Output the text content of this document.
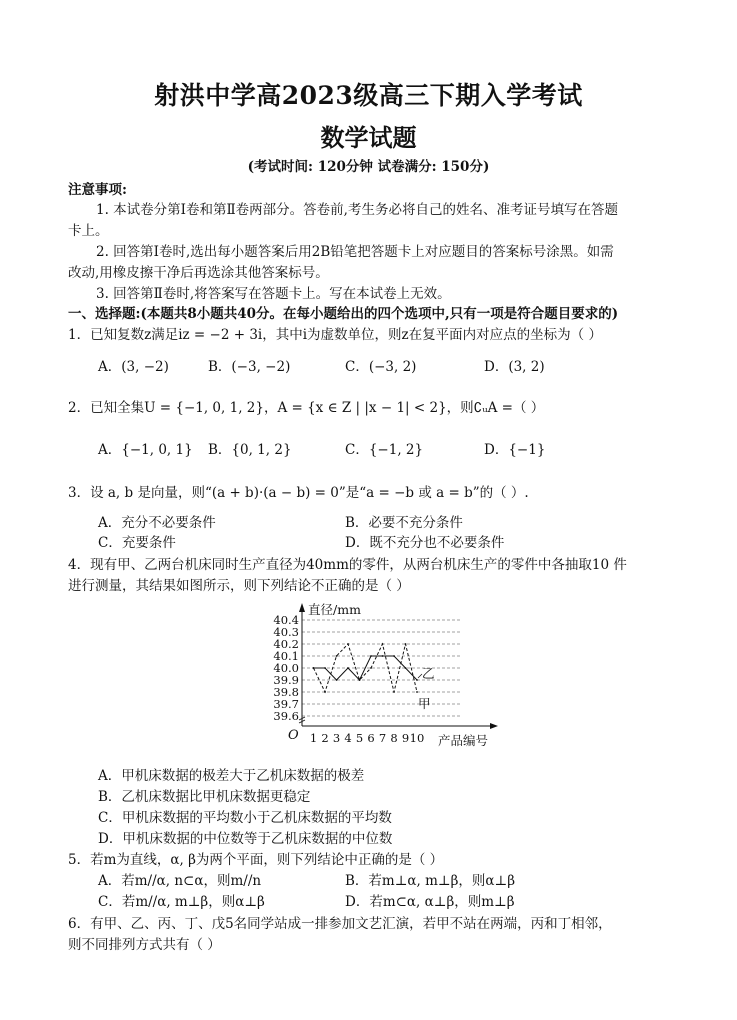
射洪中学高2023级高三下期入学考试
数学试题
(考试时间: 120分钟 试卷满分: 150分)
注意事项:
1. 本试卷分第Ⅰ卷和第Ⅱ卷两部分。答卷前,考生务必将自己的姓名、准考证号填写在答题
卡上。
2. 回答第Ⅰ卷时,选出每小题答案后用2B铅笔把答题卡上对应题目的答案标号涂黑。如需
改动,用橡皮擦干净后再选涂其他答案标号。
3. 回答第Ⅱ卷时,将答案写在答题卡上。写在本试卷上无效。
一、选择题:(本题共8小题共40分。在每小题给出的四个选项中,只有一项是符合题目要求的)
1．已知复数z满足iz = −2 + 3i，其中i为虚数单位，则z在复平面内对应点的坐标为（ ）
A．(3, −2)	B．(−3, −2)	C．(−3, 2)	D．(3, 2)
2．已知全集U = {−1, 0, 1, 2}，A = {x ∈ Z | |x − 1| < 2}，则∁ᵤA =（ ）
A．{−1, 0, 1} B．{0, 1, 2}	C．{−1, 2}	D．{−1}
3．设 a, b 是向量，则“(a + b)·(a − b) = 0”是“a = −b 或 a = b”的（ ）.
A．充分不必要条件	B．必要不充分条件
C．充要条件	D．既不充分也不必要条件
4．现有甲、乙两台机床同时生产直径为40mm的零件，从两台机床生产的零件中各抽取10 件
进行测量，其结果如图所示，则下列结论不正确的是（ ）
40.4
40.3
40.2
40.1
40.0
39.9
39.8
39.7
39.6
直径/mm
产品编号
O 1 2 3 4 5 6 7 8 9 10
乙
甲
A．甲机床数据的极差大于乙机床数据的极差
B．乙机床数据比甲机床数据更稳定
C．甲机床数据的平均数小于乙机床数据的平均数
D．甲机床数据的中位数等于乙机床数据的中位数
5．若m为直线，α, β为两个平面，则下列结论中正确的是（ ）
A．若m//α, n⊂α，则m//n	B．若m⊥α, m⊥β，则α⊥β
C．若m//α, m⊥β，则α⊥β	D．若m⊂α, α⊥β，则m⊥β
6．有甲、乙、丙、丁、戊5名同学站成一排参加文艺汇演，若甲不站在两端，丙和丁相邻，
则不同排列方式共有（ ）
